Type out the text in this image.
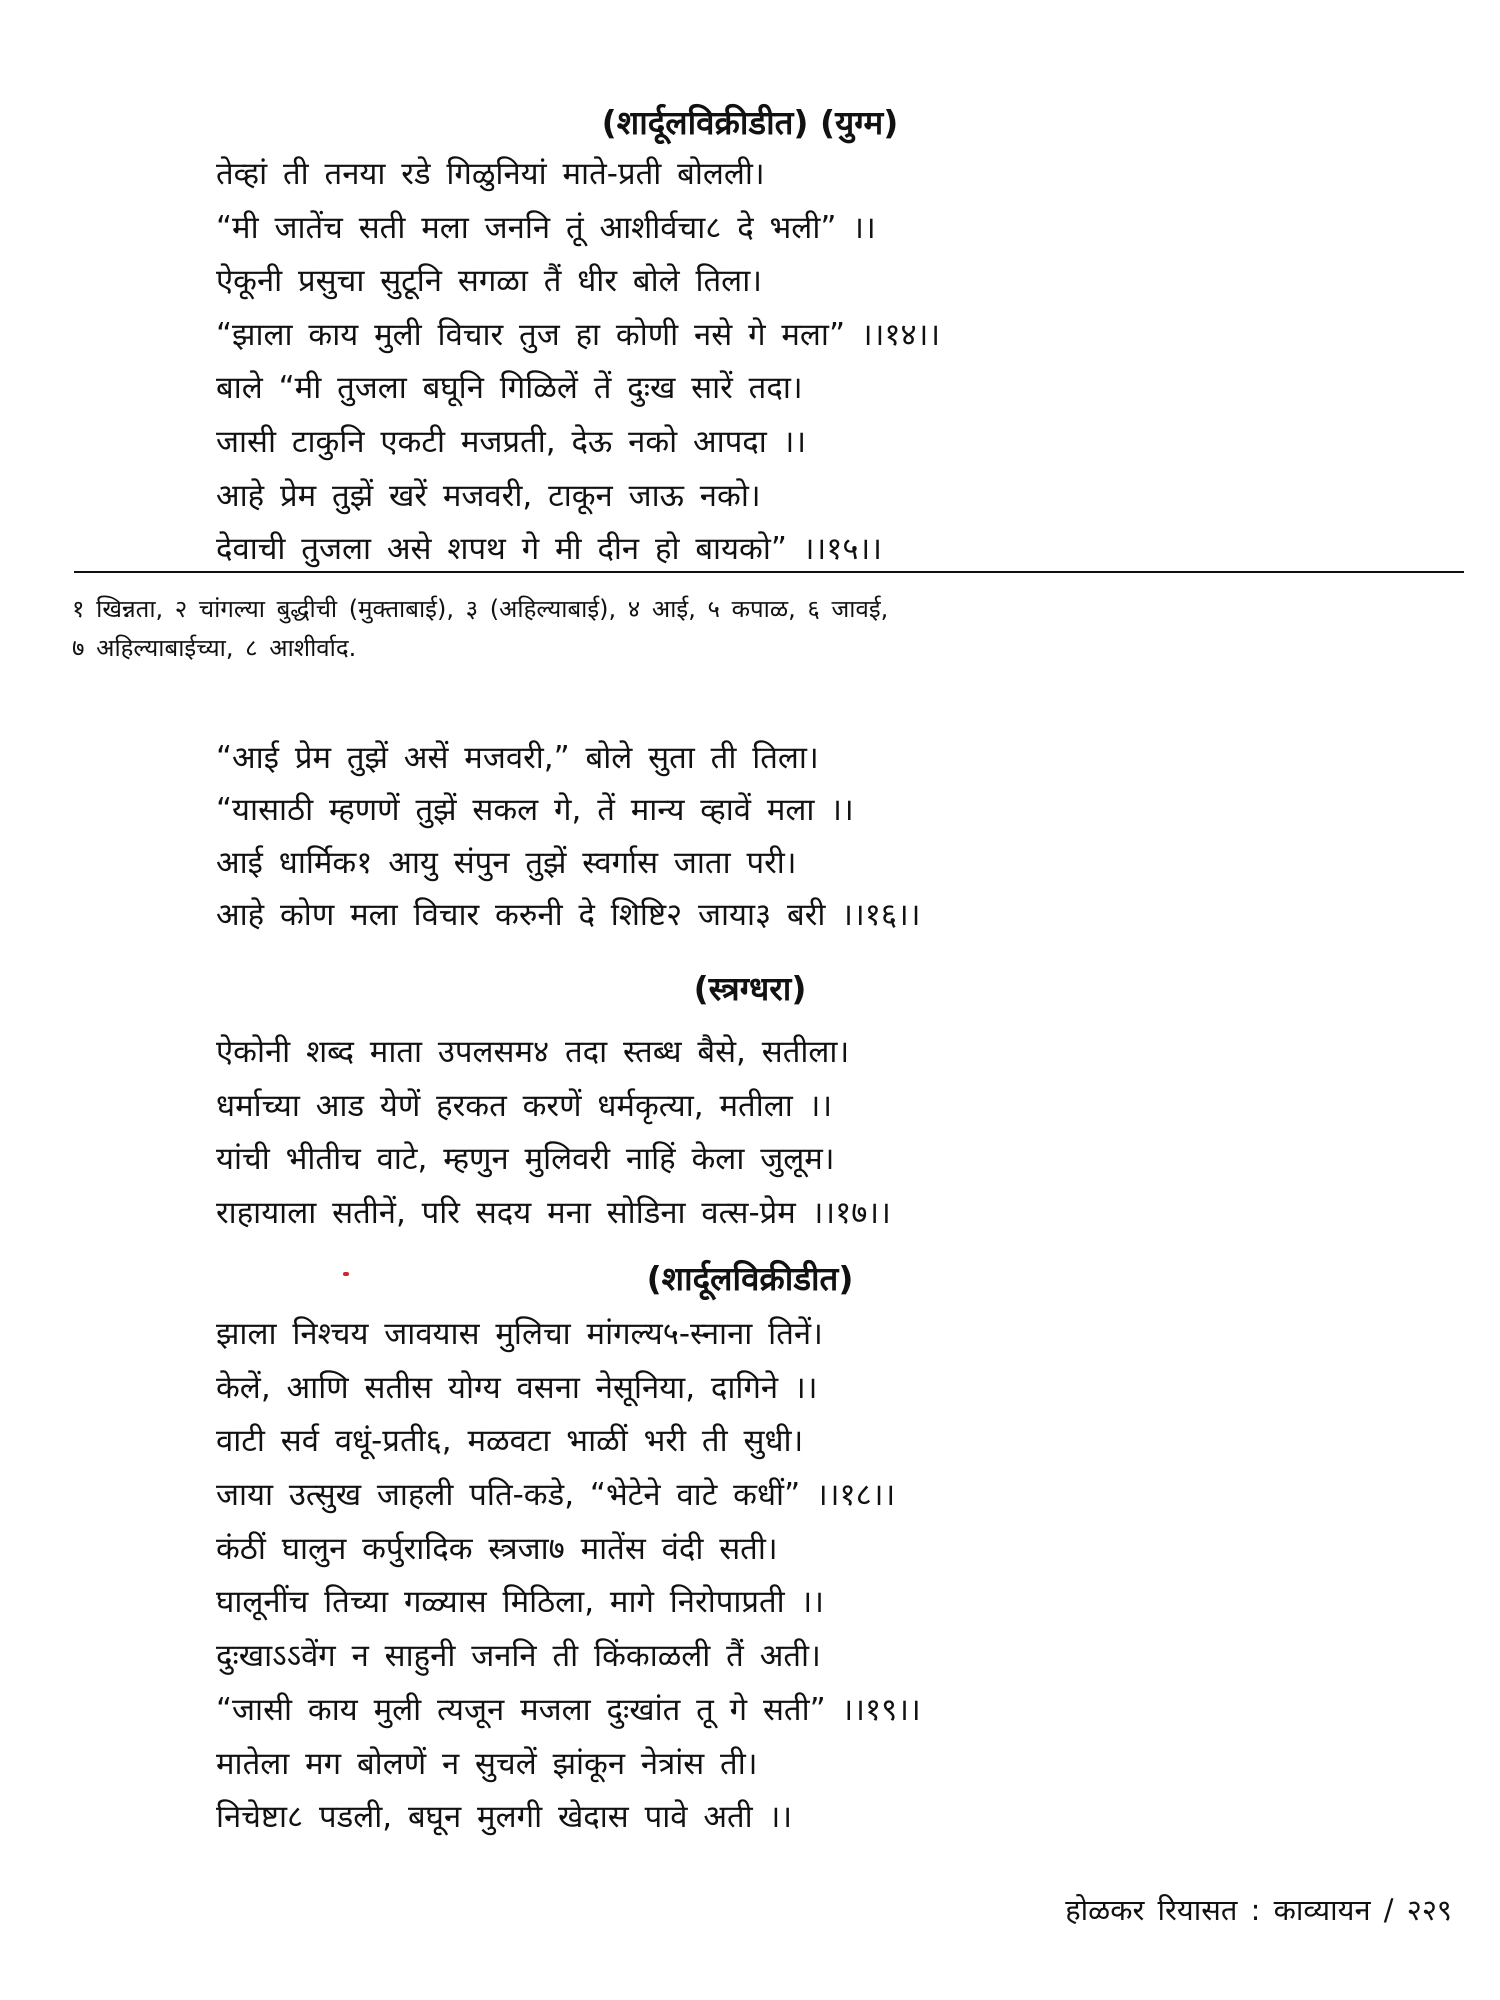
(शार्दूलविक्रीडीत) (युग्म)
तेव्हां ती तनया रडे गिळुनियां माते-प्रती बोलली।
“मी जातेंच सती मला जननि तूं आशीर्वचा८ दे भली” ।।
ऐकूनी प्रसुचा सुटूनि सगळा तैं धीर बोले तिला।
“झाला काय मुली विचार तुज हा कोणी नसे गे मला” ।।१४।।
बाले “मी तुजला बघूनि गिळिलें तें दुःख सारें तदा।
जासी टाकुनि एकटी मजप्रती, देऊ नको आपदा ।।
आहे प्रेम तुझें खरें मजवरी, टाकून जाऊ नको।
देवाची तुजला असे शपथ गे मी दीन हो बायको” ।।१५।।
१ खिन्नता, २ चांगल्या बुद्धीची (मुक्ताबाई), ३ (अहिल्याबाई), ४ आई, ५ कपाळ, ६ जावई,
७ अहिल्याबाईच्या, ८ आशीर्वाद.
“आई प्रेम तुझें असें मजवरी,” बोले सुता ती तिला।
“यासाठी म्हणणें तुझें सकल गे, तें मान्य व्हावें मला ।।
आई धार्मिक१ आयु संपुन तुझें स्वर्गास जाता परी।
आहे कोण मला विचार करुनी दे शिष्टि२ जाया३ बरी ।।१६।।
(स्त्रग्धरा)
ऐकोनी शब्द माता उपलसम४ तदा स्तब्ध बैसे, सतीला।
धर्माच्या आड येणें हरकत करणें धर्मकृत्या, मतीला ।।
यांची भीतीच वाटे, म्हणुन मुलिवरी नाहिं केला जुलूम।
राहायाला सतीनें, परि सदय मना सोडिना वत्स-प्रेम ।।१७।।
(शार्दूलविक्रीडीत)
झाला निश्चय जावयास मुलिचा मांगल्य५-स्नाना तिनें।
केलें, आणि सतीस योग्य वसना नेसूनिया, दागिने ।।
वाटी सर्व वधूं-प्रती६, मळवटा भाळीं भरी ती सुधी।
जाया उत्सुख जाहली पति-कडे, “भेटेने वाटे कधीं” ।।१८।।
कंठीं घालुन कर्पुरादिक स्त्रजा७ मातेंस वंदी सती।
घालूनींच तिच्या गळ्यास मिठिला, मागे निरोपाप्रती ।।
दुःखाऽऽवेंग न साहुनी जननि ती किंकाळली तैं अती।
“जासी काय मुली त्यजून मजला दुःखांत तू गे सती” ।।१९।।
मातेला मग बोलणें न सुचलें झांकून नेत्रांस ती।
निचेष्टा८ पडली, बघून मुलगी खेदास पावे अती ।।
होळकर रियासत : काव्यायन / २२९
